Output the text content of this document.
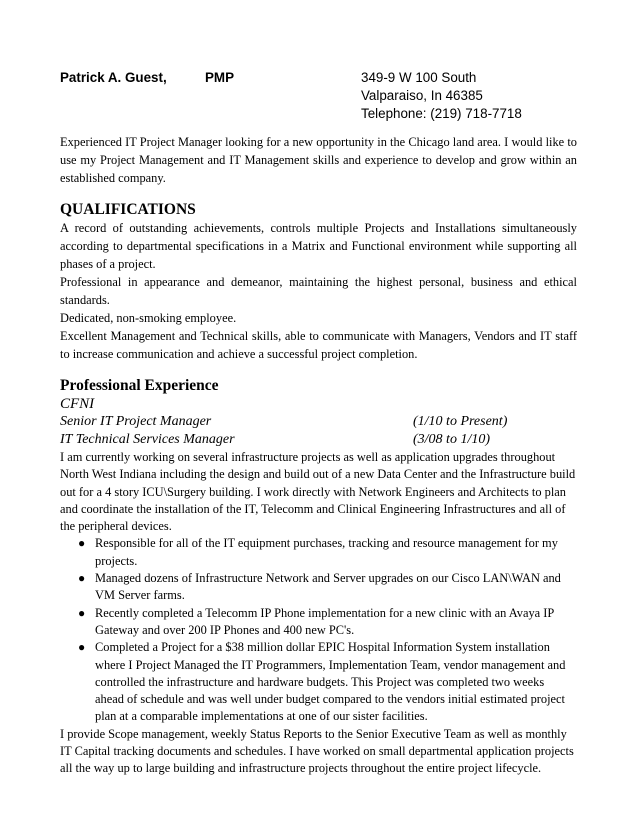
Patrick A. Guest,	PMP	349-9 W 100 South
Valparaiso, In 46385
Telephone: (219) 718-7718

Experienced IT Project Manager looking for a new opportunity in the Chicago land area. I would like to use my Project Management and IT Management skills and experience to develop and grow within an established company.

QUALIFICATIONS

A record of outstanding achievements, controls multiple Projects and Installations simultaneously according to departmental specifications in a Matrix and Functional environment while supporting all phases of a project.

Professional in appearance and demeanor, maintaining the highest personal, business and ethical standards.

Dedicated, non-smoking employee.

Excellent Management and Technical skills, able to communicate with Managers, Vendors and IT staff to increase communication and achieve a successful project completion.

Professional Experience
CFNI
Senior IT Project Manager	(1/10 to Present)
IT Technical Services Manager	(3/08 to 1/10)

I am currently working on several infrastructure projects as well as application upgrades throughout North West Indiana including the design and build out of a new Data Center and the Infrastructure build out for a 4 story ICU\Surgery building. I work directly with Network Engineers and Architects to plan and coordinate the installation of the IT, Telecomm and Clinical Engineering Infrastructures and all of the peripheral devices.

● Responsible for all of the IT equipment purchases, tracking and resource management for my projects.
● Managed dozens of Infrastructure Network and Server upgrades on our Cisco LAN\WAN and VM Server farms.
● Recently completed a Telecomm IP Phone implementation for a new clinic with an Avaya IP Gateway and over 200 IP Phones and 400 new PC's.
● Completed a Project for a $38 million dollar EPIC Hospital Information System installation where I Project Managed the IT Programmers, Implementation Team, vendor management and controlled the infrastructure and hardware budgets. This Project was completed two weeks ahead of schedule and was well under budget compared to the vendors initial estimated project plan at a comparable implementations at one of our sister facilities.

I provide Scope management, weekly Status Reports to the Senior Executive Team as well as monthly IT Capital tracking documents and schedules. I have worked on small departmental application projects all the way up to large building and infrastructure projects throughout the entire project lifecycle.
